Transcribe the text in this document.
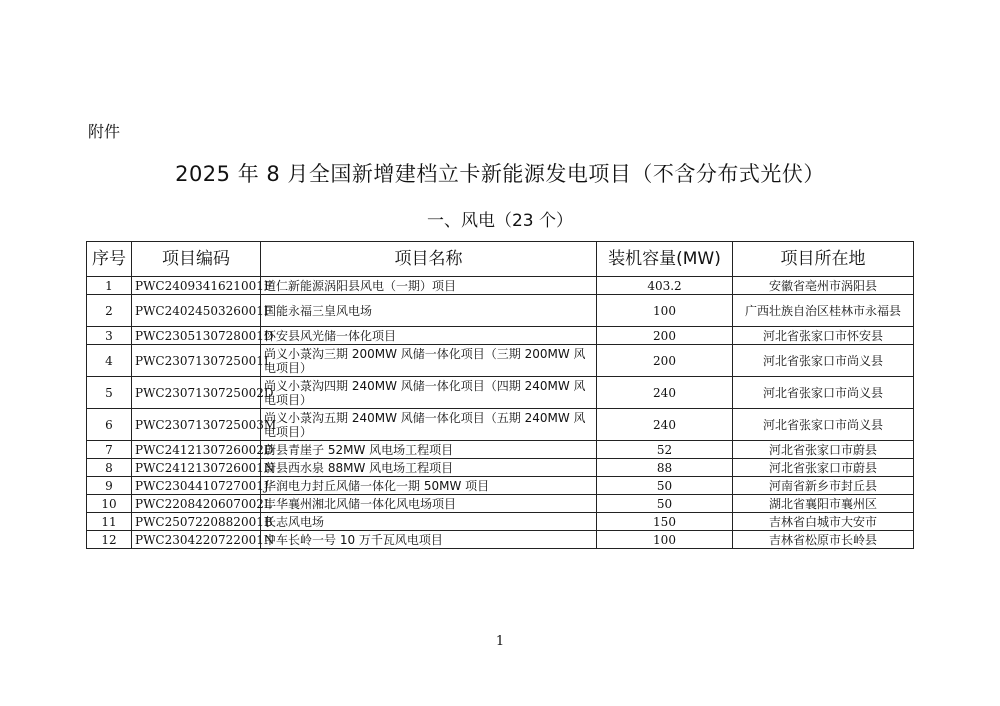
附件
2025 年 8 月全国新增建档立卡新能源发电项目（不含分布式光伏）
一、风电（23 个）
序号	项目编码	项目名称	装机容量(MW)	项目所在地
1	PWC2409341621001F	道仁新能源涡阳县风电（一期）项目	403.2	安徽省亳州市涡阳县
2	PWC2402450326001F	国能永福三皇风电场	100	广西壮族自治区桂林市永福县
3	PWC2305130728001D	怀安县风光储一体化项目	200	河北省张家口市怀安县
4	PWC2307130725001I	尚义小菉沟三期 200MW 风储一体化项目（三期 200MW 风电项目）	200	河北省张家口市尚义县
5	PWC2307130725002D	尚义小菉沟四期 240MW 风储一体化项目（四期 240MW 风电项目）	240	河北省张家口市尚义县
6	PWC2307130725003M	尚义小菉沟五期 240MW 风储一体化项目（五期 240MW 风电项目）	240	河北省张家口市尚义县
7	PWC2412130726002D	蔚县青崖子 52MW 风电场工程项目	52	河北省张家口市蔚县
8	PWC2412130726001N	蔚县西水泉 88MW 风电场工程项目	88	河北省张家口市蔚县
9	PWC2304410727001J	华润电力封丘风储一体化一期 50MW 项目	50	河南省新乡市封丘县
10	PWC2208420607002L	丰华襄州湘北风储一体化风电场项目	50	湖北省襄阳市襄州区
11	PWC2507220882001B	长志风电场	150	吉林省白城市大安市
12	PWC2304220722001N	中车长岭一号 10 万千瓦风电项目	100	吉林省松原市长岭县
1
